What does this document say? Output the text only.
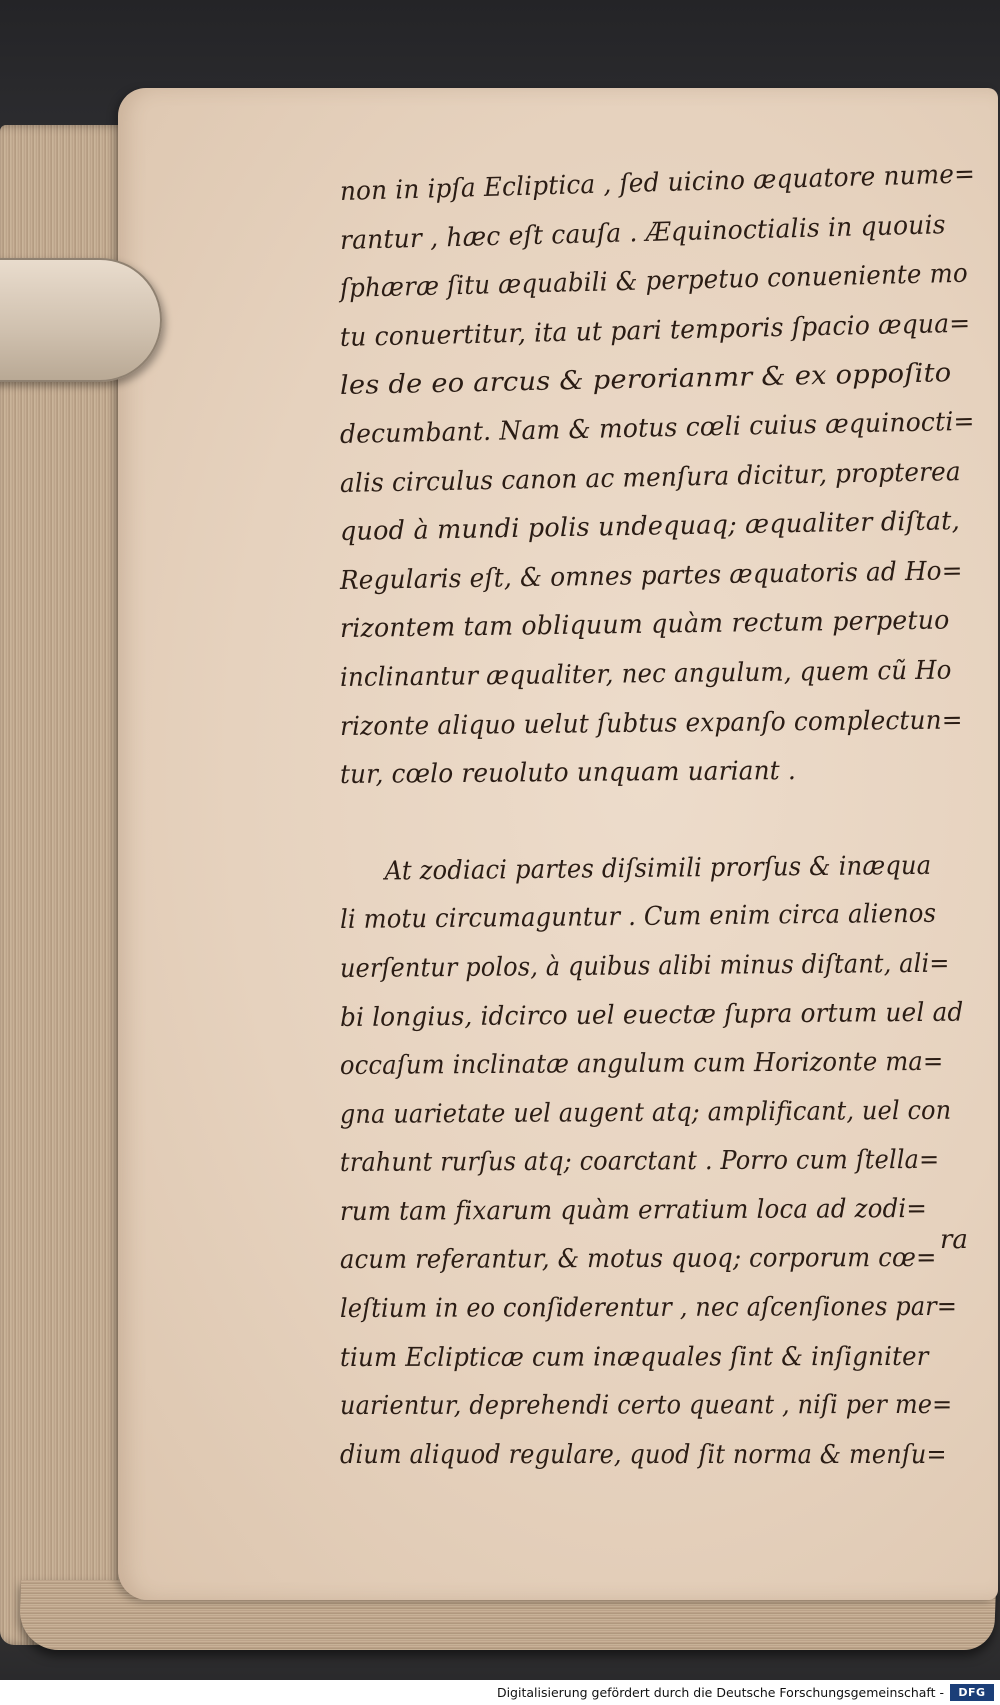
non in ipſa Ecliptica , ſed uicino æquatore nume=
rantur , hæc eſt cauſa . Æquinoctialis in quouis
ſphæræ ſitu æquabili & perpetuo conueniente mo
tu conuertitur, ita ut pari temporis ſpacio æqua=
les de eo arcus & perorianmr & ex oppoſito
decumbant. Nam & motus cœli cuius æquinocti=
alis circulus canon ac menſura dicitur, propterea
quod à mundi polis undequaq; æqualiter diſtat,
Regularis eſt, & omnes partes æquatoris ad Ho=
rizontem tam obliquum quàm rectum perpetuo
inclinantur æqualiter, nec angulum, quem cũ Ho
rizonte aliquo uelut ſubtus expanſo complectun=
tur, cœlo reuoluto unquam uariant .
At zodiaci partes diſsimili prorſus & inæqua
li motu circumaguntur . Cum enim circa alienos
uerſentur polos, à quibus alibi minus diſtant, ali=
bi longius, idcirco uel euectæ ſupra ortum uel ad
occaſum inclinatæ angulum cum Horizonte ma=
gna uarietate uel augent atq; amplificant, uel con
trahunt rurſus atq; coarctant . Porro cum ſtella=
rum tam fixarum quàm erratium loca ad zodi=
acum referantur, & motus quoq; corporum cœ=
leſtium in eo conſiderentur , nec aſcenſiones par=
tium Eclipticæ cum inæquales ſint & inſigniter
uarientur, deprehendi certo queant , niſi per me=
dium aliquod regulare, quod ſit norma & menſu=
ra
Digitalisierung gefördert durch die Deutsche Forschungsgemeinschaft -	DFG
